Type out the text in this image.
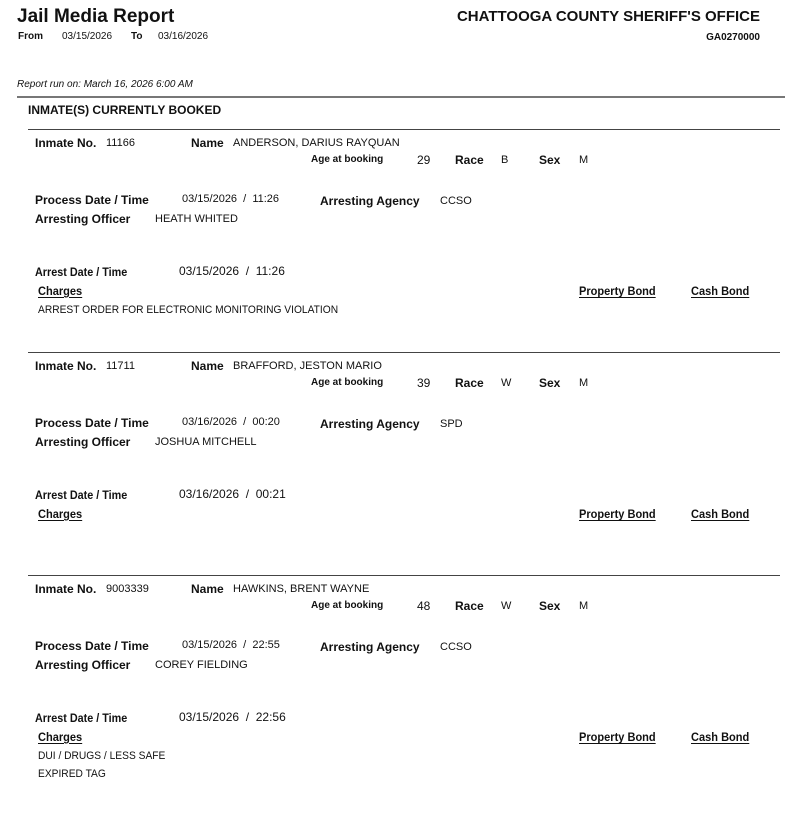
Jail Media Report
From 03/15/2026 To 03/16/2026
CHATTOOGA COUNTY SHERIFF'S OFFICE
GA0270000
Report run on: March 16, 2026 6:00 AM
INMATE(S) CURRENTLY BOOKED
Inmate No. 11166	Name ANDERSON, DARIUS RAYQUAN
Age at booking	29 Race B	Sex M
Process Date / Time	03/15/2026  /  11:26	Arresting Agency CCSO
Arresting Officer HEATH WHITED
Arrest Date / Time	03/15/2026  /  11:26
Charges	Property Bond	Cash Bond
ARREST ORDER FOR ELECTRONIC MONITORING VIOLATION
Inmate No. 11711	Name BRAFFORD, JESTON MARIO
Age at booking	39 Race W Sex M
Process Date / Time	03/16/2026  /  00:20	Arresting Agency SPD
Arresting Officer JOSHUA MITCHELL
Arrest Date / Time	03/16/2026  /  00:21
Charges	Property Bond	Cash Bond
Inmate No. 9003339	Name HAWKINS, BRENT WAYNE
Age at booking	48 Race W Sex M
Process Date / Time	03/15/2026  /  22:55	Arresting Agency CCSO
Arresting Officer COREY FIELDING
Arrest Date / Time	03/15/2026  /  22:56
Charges	Property Bond	Cash Bond
DUI / DRUGS / LESS SAFE
EXPIRED TAG
